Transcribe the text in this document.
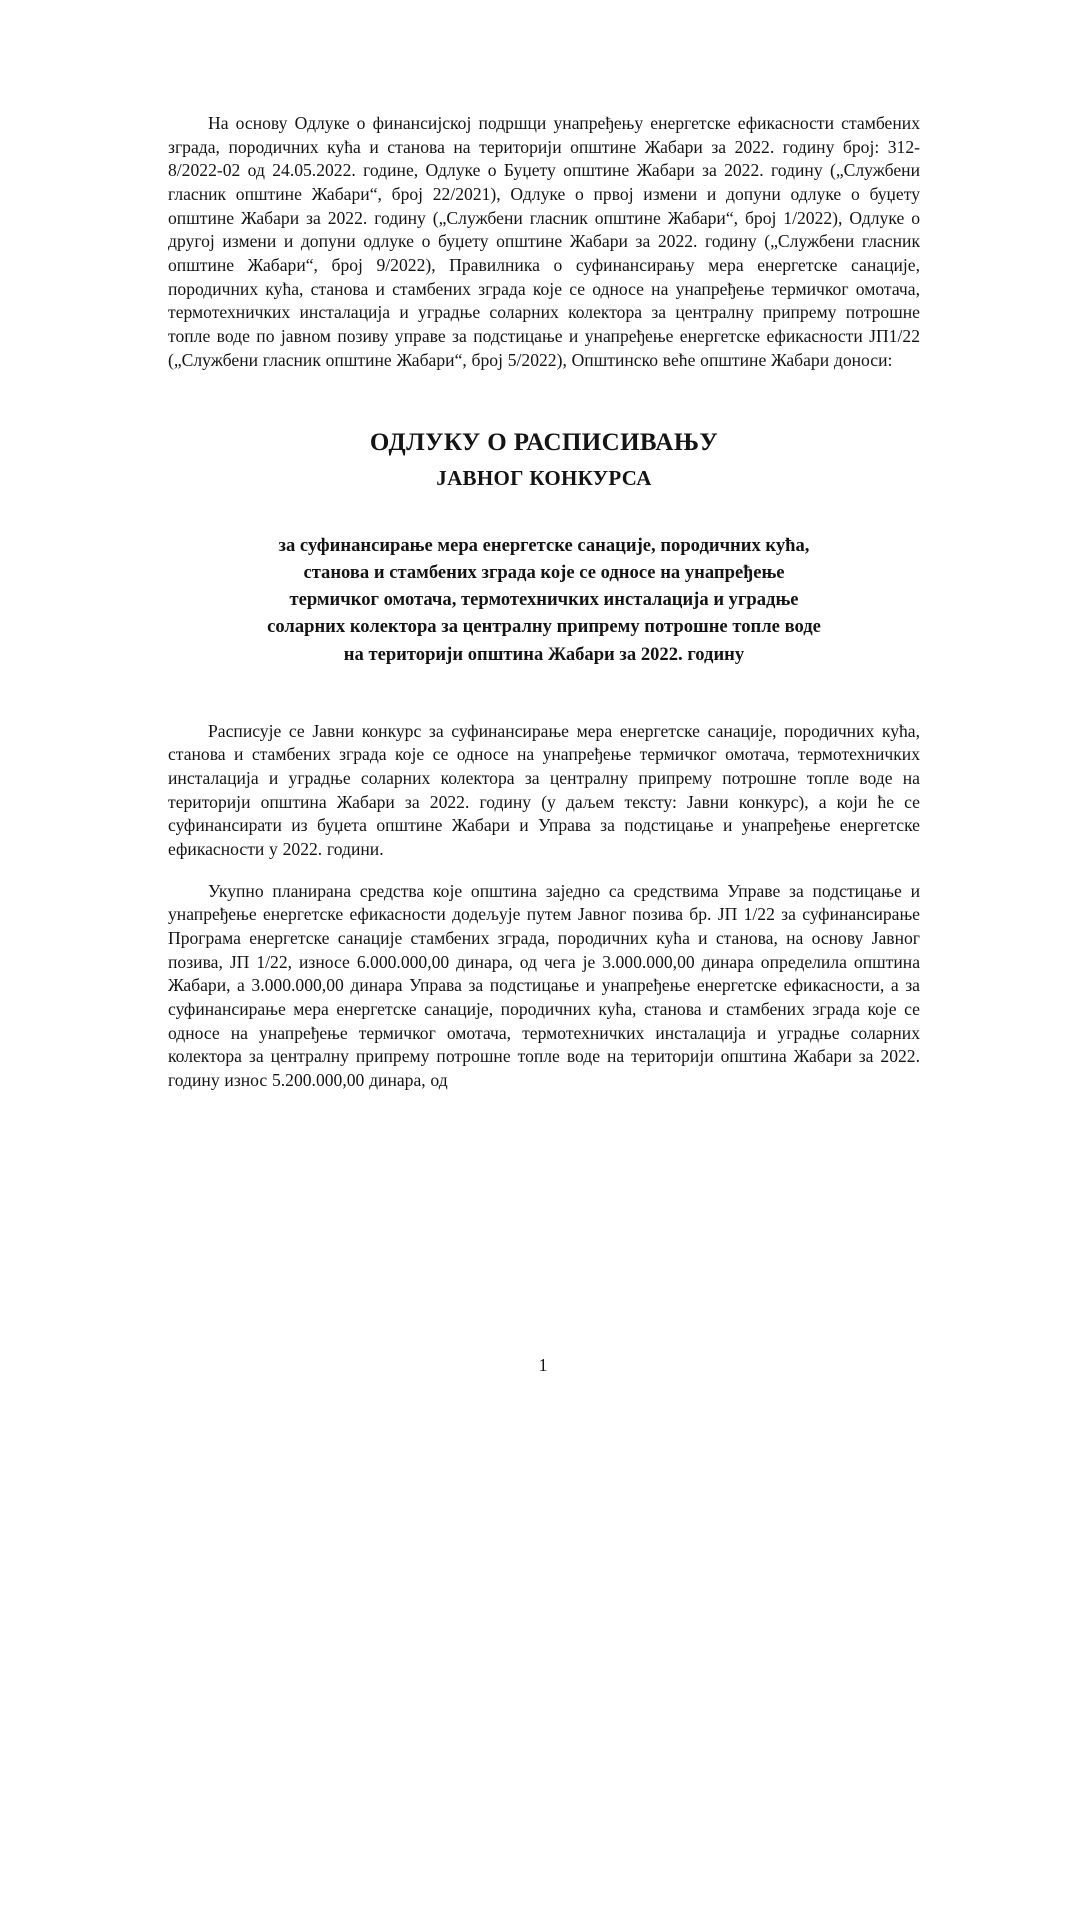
На основу Одлуке о финансијској подршци унапређењу енергетске ефикасности стамбених зграда, породичних кућа и станова на територији општине Жабари за 2022. годину број: 312-8/2022-02 од 24.05.2022. године, Одлуке о Буџету општине Жабари за 2022. годину („Службени гласник општине Жабари“, број 22/2021), Одлуке о првој измени и допуни одлуке о буџету општине Жабари за 2022. годину („Службени гласник општине Жабари“, број 1/2022), Одлуке о другој измени и допуни одлуке о буџету општине Жабари за 2022. годину („Службени гласник општине Жабари“, број 9/2022), Правилника о суфинансирању мера енергетске санације, породичних кућа, станова и стамбених зграда које се односе на унапређење термичког омотача, термотехничких инсталација и уградње соларних колектора за централну припрему потрошне топле воде по јавном позиву управе за подстицање и унапређење енергетске ефикасности ЈП1/22 („Службени гласник општине Жабари“, број 5/2022), Општинско веће општине Жабари доноси:

ОДЛУКУ О РАСПИСИВАЊУ
ЈАВНОГ КОНКУРСА
за суфинансирање мера енергетске санације, породичних кућа,
станова и стамбених зграда које се односе на унапређење
термичког омотача, термотехничких инсталација и уградње
соларних колектора за централну припрему потрошне топле воде
на територији општина Жабари за 2022. годину

Расписује се Јавни конкурс за суфинансирање мера енергетске санације, породичних кућа, станова и стамбених зграда које се односе на унапређење термичког омотача, термотехничких инсталација и уградње соларних колектора за централну припрему потрошне топле воде на територији општина Жабари за 2022. годину (у даљем тексту: Јавни конкурс), а који ће се суфинансирати из буџета општине Жабари и Управа за подстицање и унапређење енергетске ефикасности у 2022. години.

Укупно планирана средства које општина заједно са средствима Управе за подстицање и унапређење енергетске ефикасности додељује путем Јавног позива бр. ЈП 1/22 за суфинансирање Програма енергетске санације стамбених зграда, породичних кућа и станова, на основу Јавног позива, ЈП 1/22, износе 6.000.000,00 динара, од чега је 3.000.000,00 динара определила општина Жабари, а 3.000.000,00 динара Управа за подстицање и унапређење енергетске ефикасности, а за суфинансирање мера енергетске санације, породичних кућа, станова и стамбених зграда које се односе на унапређење термичког омотача, термотехничких инсталација и уградње соларних колектора за централну припрему потрошне топле воде на територији општина Жабари за 2022. годину износ 5.200.000,00 динара, од

1
